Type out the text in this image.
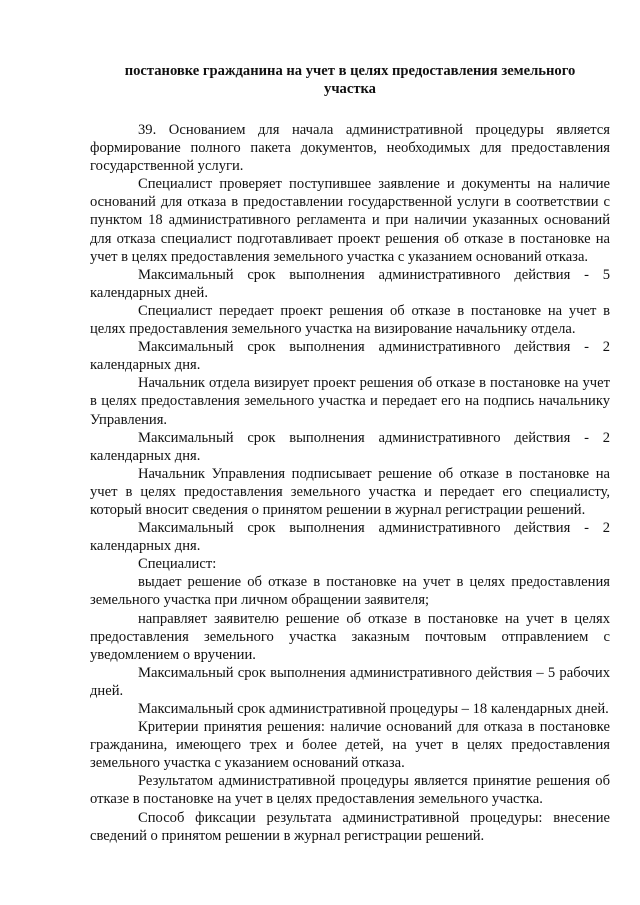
постановке гражданина на учет в целях предоставления земельного
участка

39. Основанием для начала административной процедуры является формирование полного пакета документов, необходимых для предоставления государственной услуги.

Специалист проверяет поступившее заявление и документы на наличие оснований для отказа в предоставлении государственной услуги в соответствии с пунктом 18 административного регламента и при наличии указанных оснований для отказа специалист подготавливает проект решения об отказе в постановке на учет в целях предоставления земельного участка с указанием оснований отказа.

Максимальный срок выполнения административного действия - 5 календарных дней.

Специалист передает проект решения об отказе в постановке на учет в целях предоставления земельного участка на визирование начальнику отдела.

Максимальный срок выполнения административного действия - 2 календарных дня.

Начальник отдела визирует проект решения об отказе в постановке на учет в целях предоставления земельного участка и передает его на подпись начальнику Управления.

Максимальный срок выполнения административного действия - 2 календарных дня.

Начальник Управления подписывает решение об отказе в постановке на учет в целях предоставления земельного участка и передает его специалисту, который вносит сведения о принятом решении в журнал регистрации решений.

Максимальный срок выполнения административного действия - 2 календарных дня.

Специалист:

выдает решение об отказе в постановке на учет в целях предоставления земельного участка при личном обращении заявителя;

направляет заявителю решение об отказе в постановке на учет в целях предоставления земельного участка заказным почтовым отправлением с уведомлением о вручении.

Максимальный срок выполнения административного действия – 5 рабочих дней.

Максимальный срок административной процедуры – 18 календарных дней.

Критерии принятия решения: наличие оснований для отказа в постановке гражданина, имеющего трех и более детей, на учет в целях предоставления земельного участка с указанием оснований отказа.

Результатом административной процедуры является принятие решения об отказе в постановке на учет в целях предоставления земельного участка.

Способ фиксации результата административной процедуры: внесение сведений о принятом решении в журнал регистрации решений.
